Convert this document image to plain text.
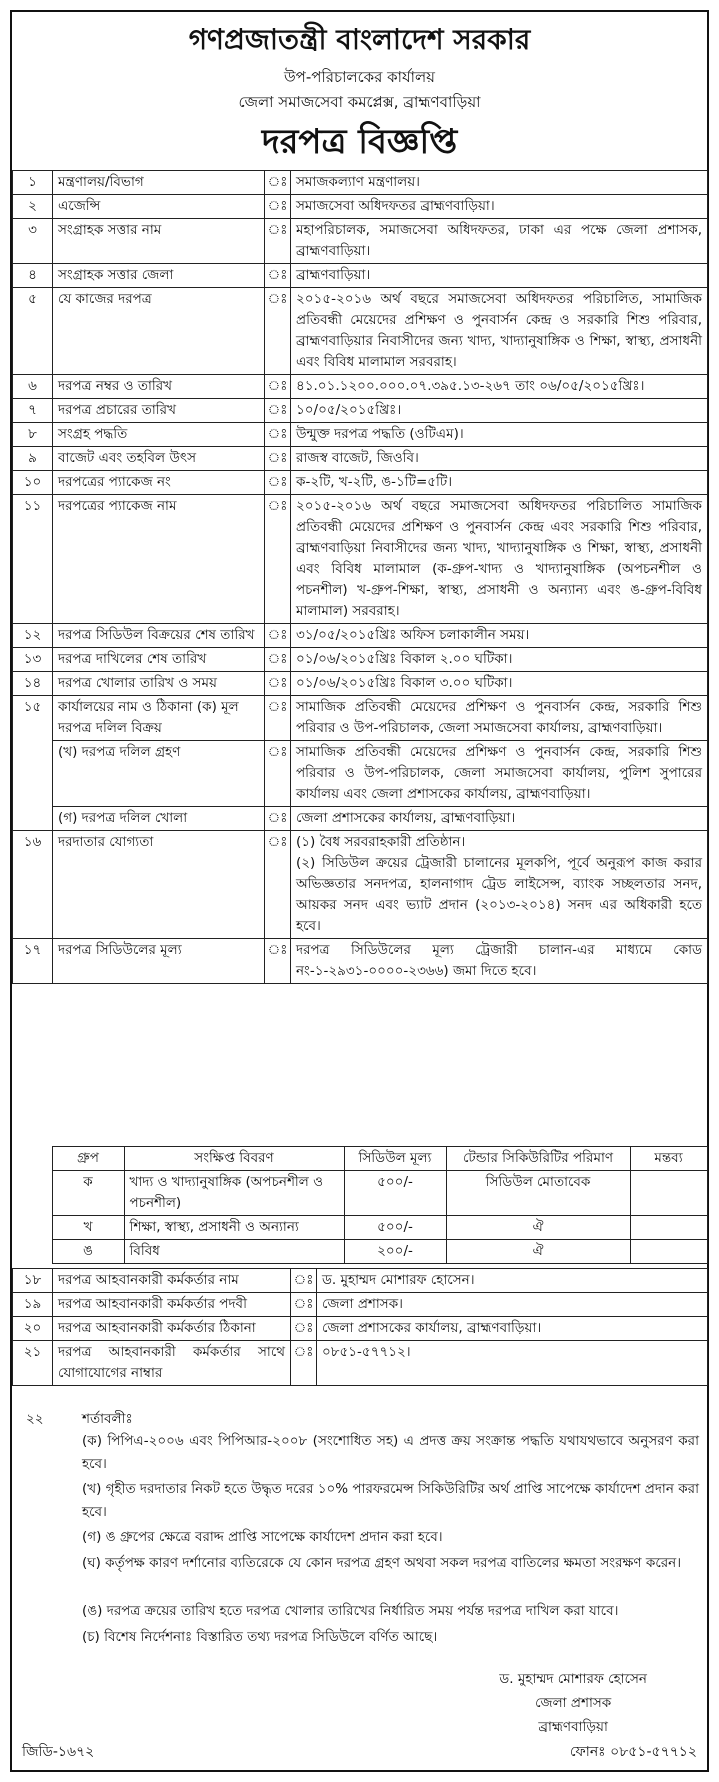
গণপ্রজাতন্ত্রী বাংলাদেশ সরকার
উপ-পরিচালকের কার্যালয়
জেলা সমাজসেবা কমপ্লেক্স, ব্রাহ্মণবাড়িয়া
দরপত্র বিজ্ঞপ্তি
১	মন্ত্রণালয়/বিভাগ	ঃ	সমাজকল্যাণ মন্ত্রণালয়।
২	এজেন্সি	ঃ	সমাজসেবা অধিদফতর ব্রাহ্মণবাড়িয়া।
৩	সংগ্রাহক সত্তার নাম	ঃ	মহাপরিচালক, সমাজসেবা অধিদফতর, ঢাকা এর পক্ষে জেলা প্রশাসক, ব্রাহ্মণবাড়িয়া।
৪	সংগ্রাহক সত্তার জেলা	ঃ	ব্রাহ্মণবাড়িয়া।
৫	যে কাজের দরপত্র	ঃ	২০১৫-২০১৬ অর্থ বছরে সমাজসেবা অধিদফতর পরিচালিত, সামাজিক প্রতিবন্ধী মেয়েদের প্রশিক্ষণ ও পুনবার্সন কেন্দ্র ও সরকারি শিশু পরিবার, ব্রাহ্মণবাড়িয়ার নিবাসীদের জন্য খাদ্য, খাদ্যানুষাঙ্গিক ও শিক্ষা, স্বাস্থ্য, প্রসাধনী এবং বিবিধ মালামাল সরবরাহ।
৬	দরপত্র নম্বর ও তারিখ	ঃ	৪১.০১.১২০০.০০০.০৭.৩৯৫.১৩-২৬৭ তাং ০৬/০৫/২০১৫খ্রিঃ।
৭	দরপত্র প্রচারের তারিখ	ঃ	১০/০৫/২০১৫খ্রিঃ।
৮	সংগ্রহ পদ্ধতি	ঃ	উন্মুক্ত দরপত্র পদ্ধতি (ওটিএম)।
৯	বাজেট এবং তহবিল উৎস	ঃ	রাজস্ব বাজেট, জিওবি।
১০	দরপত্রের প্যাকেজ নং	ঃ	ক-২টি, খ-২টি, ঙ-১টি=৫টি।
১১	দরপত্রের প্যাকেজ নাম	ঃ	২০১৫-২০১৬ অর্থ বছরে সমাজসেবা অধিদফতর পরিচালিত সামাজিক প্রতিবন্ধী মেয়েদের প্রশিক্ষণ ও পুনবার্সন কেন্দ্র এবং সরকারি শিশু পরিবার, ব্রাহ্মণবাড়িয়া নিবাসীদের জন্য খাদ্য, খাদ্যানুষাঙ্গিক ও শিক্ষা, স্বাস্থ্য, প্রসাধনী এবং বিবিধ মালামাল (ক-গ্রুপ-খাদ্য ও খাদ্যানুষাঙ্গিক (অপচনশীল ও পচনশীল) খ-গ্রুপ-শিক্ষা, স্বাস্থ্য, প্রসাধনী ও অন্যান্য এবং ঙ-গ্রুপ-বিবিধ মালামাল) সরবরাহ।
১২	দরপত্র সিডিউল বিক্রয়ের শেষ তারিখ	ঃ	৩১/০৫/২০১৫খ্রিঃ অফিস চলাকালীন সময়।
১৩	দরপত্র দাখিলের শেষ তারিখ	ঃ	০১/০৬/২০১৫খ্রিঃ বিকাল ২.০০ ঘটিকা।
১৪	দরপত্র খোলার তারিখ ও সময়	ঃ	০১/০৬/২০১৫খ্রিঃ বিকাল ৩.০০ ঘটিকা।
১৫	কার্যালয়ের নাম ও ঠিকানা (ক) মূল দরপত্র দলিল বিক্রয়	ঃ	সামাজিক প্রতিবন্ধী মেয়েদের প্রশিক্ষণ ও পুনবার্সন কেন্দ্র, সরকারি শিশু পরিবার ও উপ-পরিচালক, জেলা সমাজসেবা কার্যালয়, ব্রাহ্মণবাড়িয়া।
	(খ) দরপত্র দলিল গ্রহণ	ঃ	সামাজিক প্রতিবন্ধী মেয়েদের প্রশিক্ষণ ও পুনবার্সন কেন্দ্র, সরকারি শিশু পরিবার ও উপ-পরিচালক, জেলা সমাজসেবা কার্যালয়, পুলিশ সুপারের কার্যালয় এবং জেলা প্রশাসকের কার্যালয়, ব্রাহ্মণবাড়িয়া।
	(গ) দরপত্র দলিল খোলা	ঃ	জেলা প্রশাসকের কার্যালয়, ব্রাহ্মণবাড়িয়া।
১৬	দরদাতার যোগ্যতা	ঃ	(১) বৈধ সরবরাহকারী প্রতিষ্ঠান।
(২) সিডিউল ক্রয়ের ট্রেজারী চালানের মূলকপি, পূর্বে অনুরূপ কাজ করার অভিজ্ঞতার সনদপত্র, হালনাগাদ ট্রেড লাইসেন্স, ব্যাংক সচ্ছলতার সনদ, আয়কর সনদ এবং ভ্যাট প্রদান (২০১৩-২০১৪) সনদ এর অধিকারী হতে হবে।

১৭	দরপত্র সিডিউলের মূল্য	ঃ	দরপত্র সিডিউলের মূল্য ট্রেজারী চালান-এর মাধ্যমে কোড নং-১-২৯৩১-০০০০-২৩৬৬) জমা দিতে হবে।
	গ্রুপ	সংক্ষিপ্ত বিবরণ	সিডিউল মূল্য	টেন্ডার সিকিউরিটির পরিমাণ	মন্তব্য
	ক	খাদ্য ও খাদ্যানুষাঙ্গিক (অপচনশীল ও পচনশীল)	৫০০/-	সিডিউল মোতাবেক	
	খ	শিক্ষা, স্বাস্থ্য, প্রসাধনী ও অন্যান্য	৫০০/-	ঐ	
	ঙ	বিবিধ	২০০/-	ঐ	
১৮	দরপত্র আহবানকারী কর্মকর্তার নাম	ঃ	ড. মুহাম্মদ মোশারফ হোসেন।
১৯	দরপত্র আহবানকারী কর্মকর্তার পদবী	ঃ	জেলা প্রশাসক।
২০	দরপত্র আহবানকারী কর্মকর্তার ঠিকানা	ঃ	জেলা প্রশাসকের কার্যালয়, ব্রাহ্মণবাড়িয়া।
২১	দরপত্র আহবানকারী কর্মকর্তার সাথে যোগাযোগের নাম্বার	ঃ	০৮৫১-৫৭৭১২।
২২	শর্তাবলীঃ
(ক) পিপিএ-২০০৬ এবং পিপিআর-২০০৮ (সংশোধিত সহ) এ প্রদত্ত ক্রয় সংক্রান্ত পদ্ধতি যথাযথভাবে অনুসরণ করা হবে।
(খ) গৃহীত দরদাতার নিকট হতে উদ্ধৃত দরের ১০% পারফরমেন্স সিকিউরিটির অর্থ প্রাপ্তি সাপেক্ষে কার্যাদেশ প্রদান করা হবে।
(গ) ঙ গ্রুপের ক্ষেত্রে বরাদ্দ প্রাপ্তি সাপেক্ষে কার্যাদেশ প্রদান করা হবে।
(ঘ) কর্তৃপক্ষ কারণ দর্শানোর ব্যতিরেকে যে কোন দরপত্র গ্রহণ অথবা সকল দরপত্র বাতিলের ক্ষমতা সংরক্ষণ করেন।
(ঙ) দরপত্র ক্রয়ের তারিখ হতে দরপত্র খোলার তারিখের নির্ধারিত সময় পর্যন্ত দরপত্র দাখিল করা যাবে।
(চ) বিশেষ নির্দেশনাঃ বিস্তারিত তথ্য দরপত্র সিডিউলে বর্ণিত আছে।
ড. মুহাম্মদ মোশারফ হোসেন
জেলা প্রশাসক
ব্রাহ্মণবাড়িয়া
জিডি-১৬৭২	ফোনঃ ০৮৫১-৫৭৭১২
